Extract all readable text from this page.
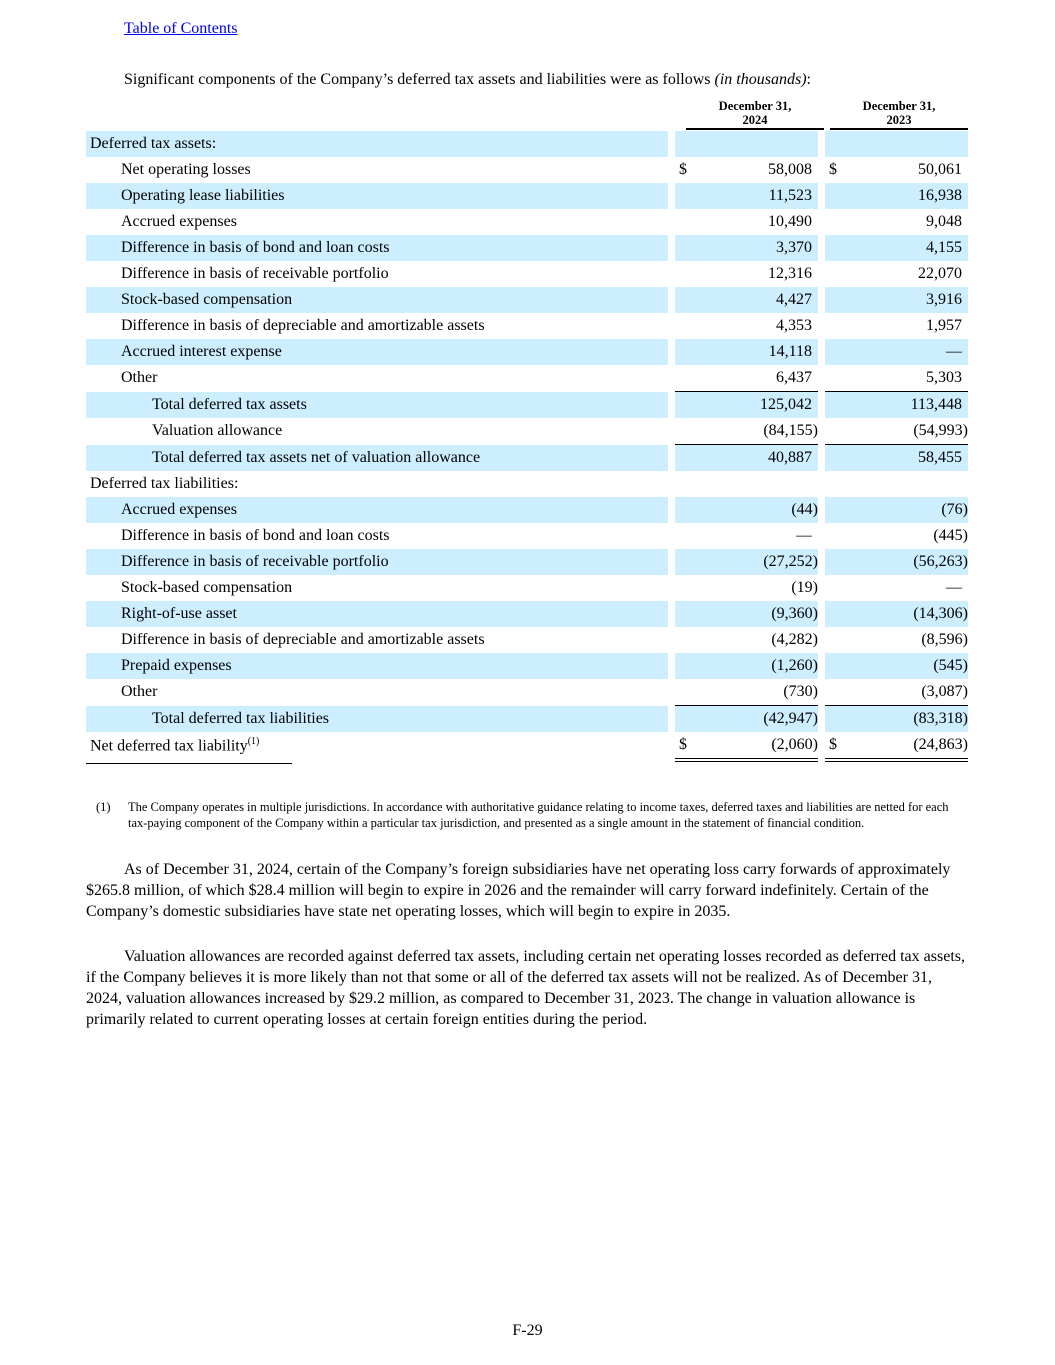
Table of Contents
Significant components of the Company’s deferred tax assets and liabilities were as follows (in thousands):
December 31,
2024
December 31,
2023
Deferred tax assets:						
Net operating losses		$	58,008		$	50,061
Operating lease liabilities			11,523			16,938
Accrued expenses			10,490			9,048
Difference in basis of bond and loan costs			3,370			4,155
Difference in basis of receivable portfolio			12,316			22,070
Stock-based compensation			4,427			3,916
Difference in basis of depreciable and amortizable assets			4,353			1,957
Accrued interest expense			14,118			—
Other			6,437			5,303
Total deferred tax assets			125,042			113,448
Valuation allowance			(84,155)			(54,993)
Total deferred tax assets net of valuation allowance			40,887			58,455
Deferred tax liabilities:						
Accrued expenses			(44)			(76)
Difference in basis of bond and loan costs			—			(445)
Difference in basis of receivable portfolio			(27,252)			(56,263)
Stock-based compensation			(19)			—
Right-of-use asset			(9,360)			(14,306)
Difference in basis of depreciable and amortizable assets			(4,282)			(8,596)
Prepaid expenses			(1,260)			(545)
Other			(730)			(3,087)
Total deferred tax liabilities			(42,947)			(83,318)
Net deferred tax liability$^{(1)}$		$	(2,060)		$	(24,863)
(1) The Company operates in multiple jurisdictions. In accordance with authoritative guidance relating to income taxes, deferred taxes and liabilities are netted for each tax-paying component of the Company within a particular tax jurisdiction, and presented as a single amount in the statement of financial condition.

As of December 31, 2024, certain of the Company’s foreign subsidiaries have net operating loss carry forwards of approximately $265.8 million, of which $28.4 million will begin to expire in 2026 and the remainder will carry forward indefinitely. Certain of the Company’s domestic subsidiaries have state net operating losses, which will begin to expire in 2035.

Valuation allowances are recorded against deferred tax assets, including certain net operating losses recorded as deferred tax assets, if the Company believes it is more likely than not that some or all of the deferred tax assets will not be realized. As of December 31, 2024, valuation allowances increased by $29.2 million, as compared to December 31, 2023. The change in valuation allowance is primarily related to current operating losses at certain foreign entities during the period.

F-29
